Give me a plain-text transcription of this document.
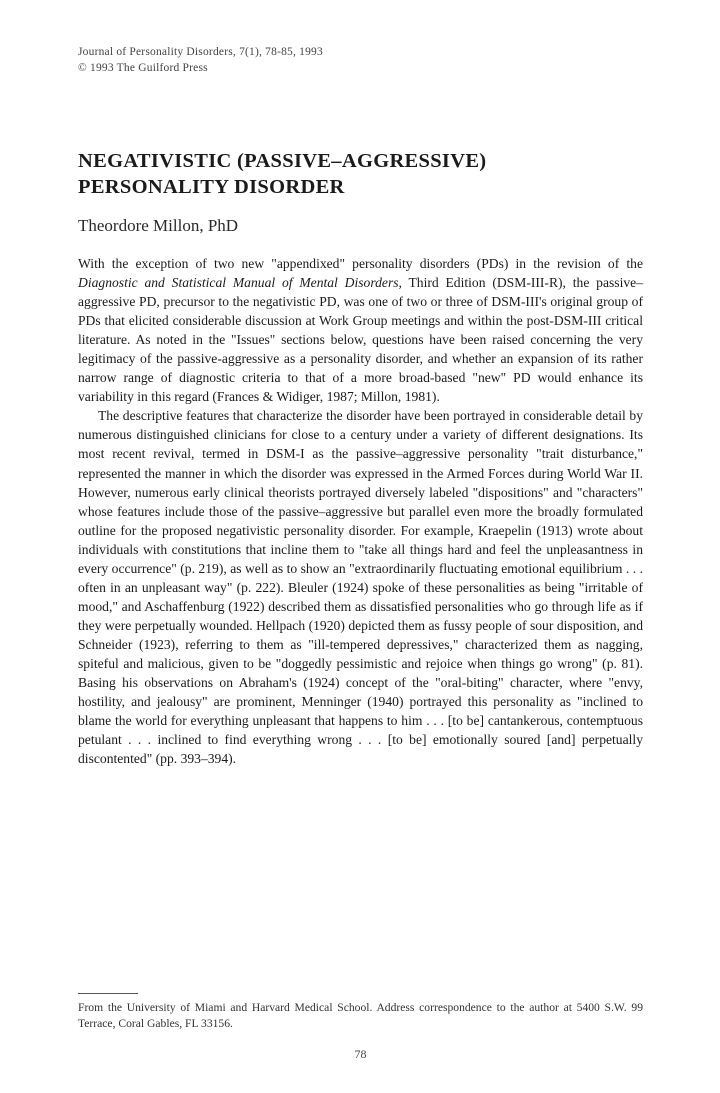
Journal of Personality Disorders, 7(1), 78-85, 1993
© 1993 The Guilford Press
NEGATIVISTIC (PASSIVE–AGGRESSIVE)
PERSONALITY DISORDER
Theordore Millon, PhD

With the exception of two new "appendixed" personality disorders (PDs) in the revision of the Diagnostic and Statistical Manual of Mental Disorders, Third Edition (DSM-III-R), the passive–aggressive PD, precursor to the negativistic PD, was one of two or three of DSM-III's original group of PDs that elicited considerable discussion at Work Group meetings and within the post-DSM-III critical literature. As noted in the "Issues" sections below, questions have been raised concerning the very legitimacy of the passive-aggressive as a personality disorder, and whether an expansion of its rather narrow range of diagnostic criteria to that of a more broad-based "new" PD would enhance its variability in this regard (Frances & Widiger, 1987; Millon, 1981).

The descriptive features that characterize the disorder have been portrayed in considerable detail by numerous distinguished clinicians for close to a century under a variety of different designations. Its most recent revival, termed in DSM-I as the passive–aggressive personality "trait disturbance," represented the manner in which the disorder was expressed in the Armed Forces during World War II. However, numerous early clinical theorists portrayed diversely labeled "dispositions" and "characters" whose features include those of the passive–aggressive but parallel even more the broadly formulated outline for the proposed negativistic personality disorder. For example, Kraepelin (1913) wrote about individuals with constitutions that incline them to "take all things hard and feel the unpleasantness in every occurrence" (p. 219), as well as to show an "extraordinarily fluctuating emotional equilibrium . . . often in an unpleasant way" (p. 222). Bleuler (1924) spoke of these personalities as being "irritable of mood," and Aschaffenburg (1922) described them as dissatisfied personalities who go through life as if they were perpetually wounded. Hellpach (1920) depicted them as fussy people of sour disposition, and Schneider (1923), referring to them as "ill-tempered depressives," characterized them as nagging, spiteful and malicious, given to be "doggedly pessimistic and rejoice when things go wrong" (p. 81). Basing his observations on Abraham's (1924) concept of the "oral-biting" character, where "envy, hostility, and jealousy" are prominent, Menninger (1940) portrayed this personality as "inclined to blame the world for everything unpleasant that happens to him . . . [to be] cantankerous, contemptuous petulant . . . inclined to find everything wrong . . . [to be] emotionally soured [and] perpetually discontented" (pp. 393–394).

From the University of Miami and Harvard Medical School. Address correspondence to the author at 5400 S.W. 99 Terrace, Coral Gables, FL 33156.
78
